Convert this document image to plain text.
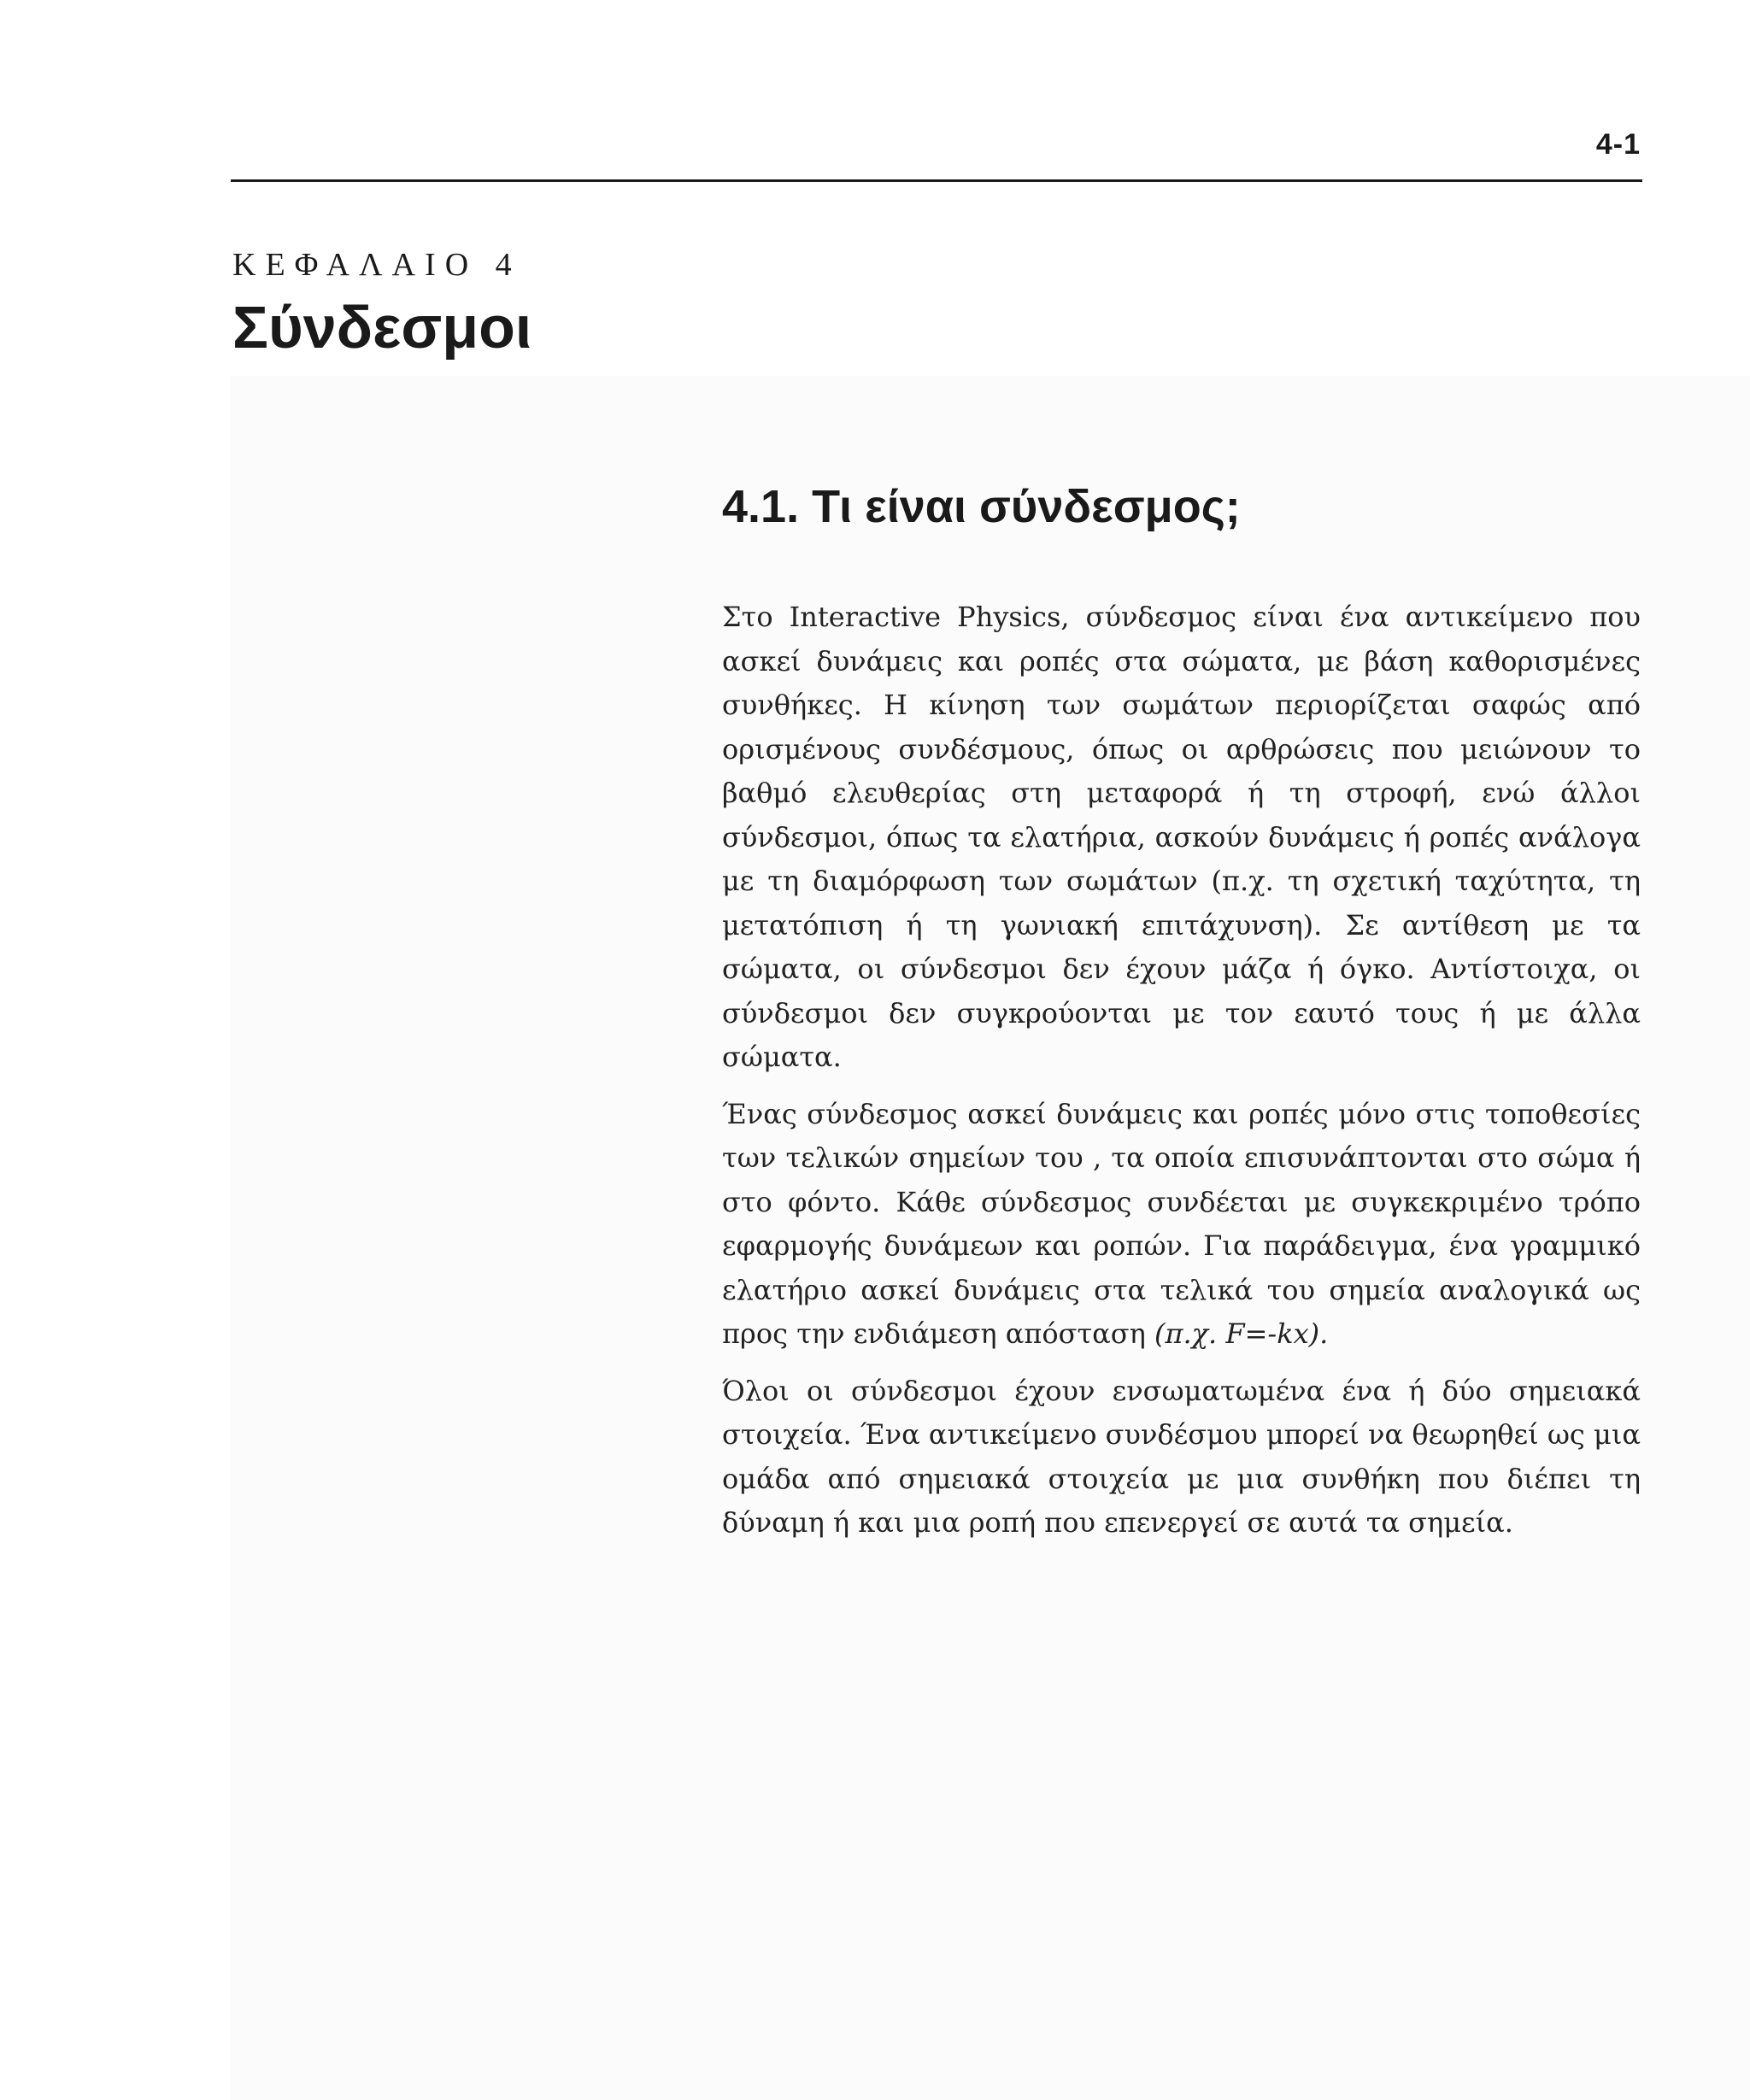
4-1
ΚΕΦΑΛΑΙΟ 4
Σύνδεσμοι
4.1. Τι είναι σύνδεσμος;

Στο Interactive Physics, σύνδεσμος είναι ένα αντικείμενο που ασκεί δυνάμεις και ροπές στα σώματα, με βάση καθορισμένες συνθήκες. Η κίνηση των σωμάτων περιορίζεται σαφώς από ορισμένους συνδέσμους, όπως οι αρθρώσεις που μειώνουν το βαθμό ελευθερίας στη μεταφορά ή τη στροφή, ενώ άλλοι σύνδεσμοι, όπως τα ελατήρια, ασκούν δυνάμεις ή ροπές ανάλογα με τη διαμόρφωση των σωμάτων (π.χ. τη σχετική ταχύτητα, τη μετατόπιση ή τη γωνιακή επιτάχυνση). Σε αντίθεση με τα σώματα, οι σύνδεσμοι δεν έχουν μάζα ή όγκο. Αντίστοιχα, οι σύνδεσμοι δεν συγκρούονται με τον εαυτό τους ή με άλλα σώματα.

Ένας σύνδεσμος ασκεί δυνάμεις και ροπές μόνο στις τοποθεσίες των τελικών σημείων του , τα οποία επισυνάπτονται στο σώμα ή στο φόντο. Κάθε σύνδεσμος συνδέεται με συγκεκριμένο τρόπο εφαρμογής δυνάμεων και ροπών. Για παράδειγμα, ένα γραμμικό ελατήριο ασκεί δυνάμεις στα τελικά του σημεία αναλογικά ως προς την ενδιάμεση απόσταση (π.χ. F=-kx).

Όλοι οι σύνδεσμοι έχουν ενσωματωμένα ένα ή δύο σημειακά στοιχεία. Ένα αντικείμενο συνδέσμου μπορεί να θεωρηθεί ως μια ομάδα από σημειακά στοιχεία με μια συνθήκη που διέπει τη δύναμη ή και μια ροπή που επενεργεί σε αυτά τα σημεία.
